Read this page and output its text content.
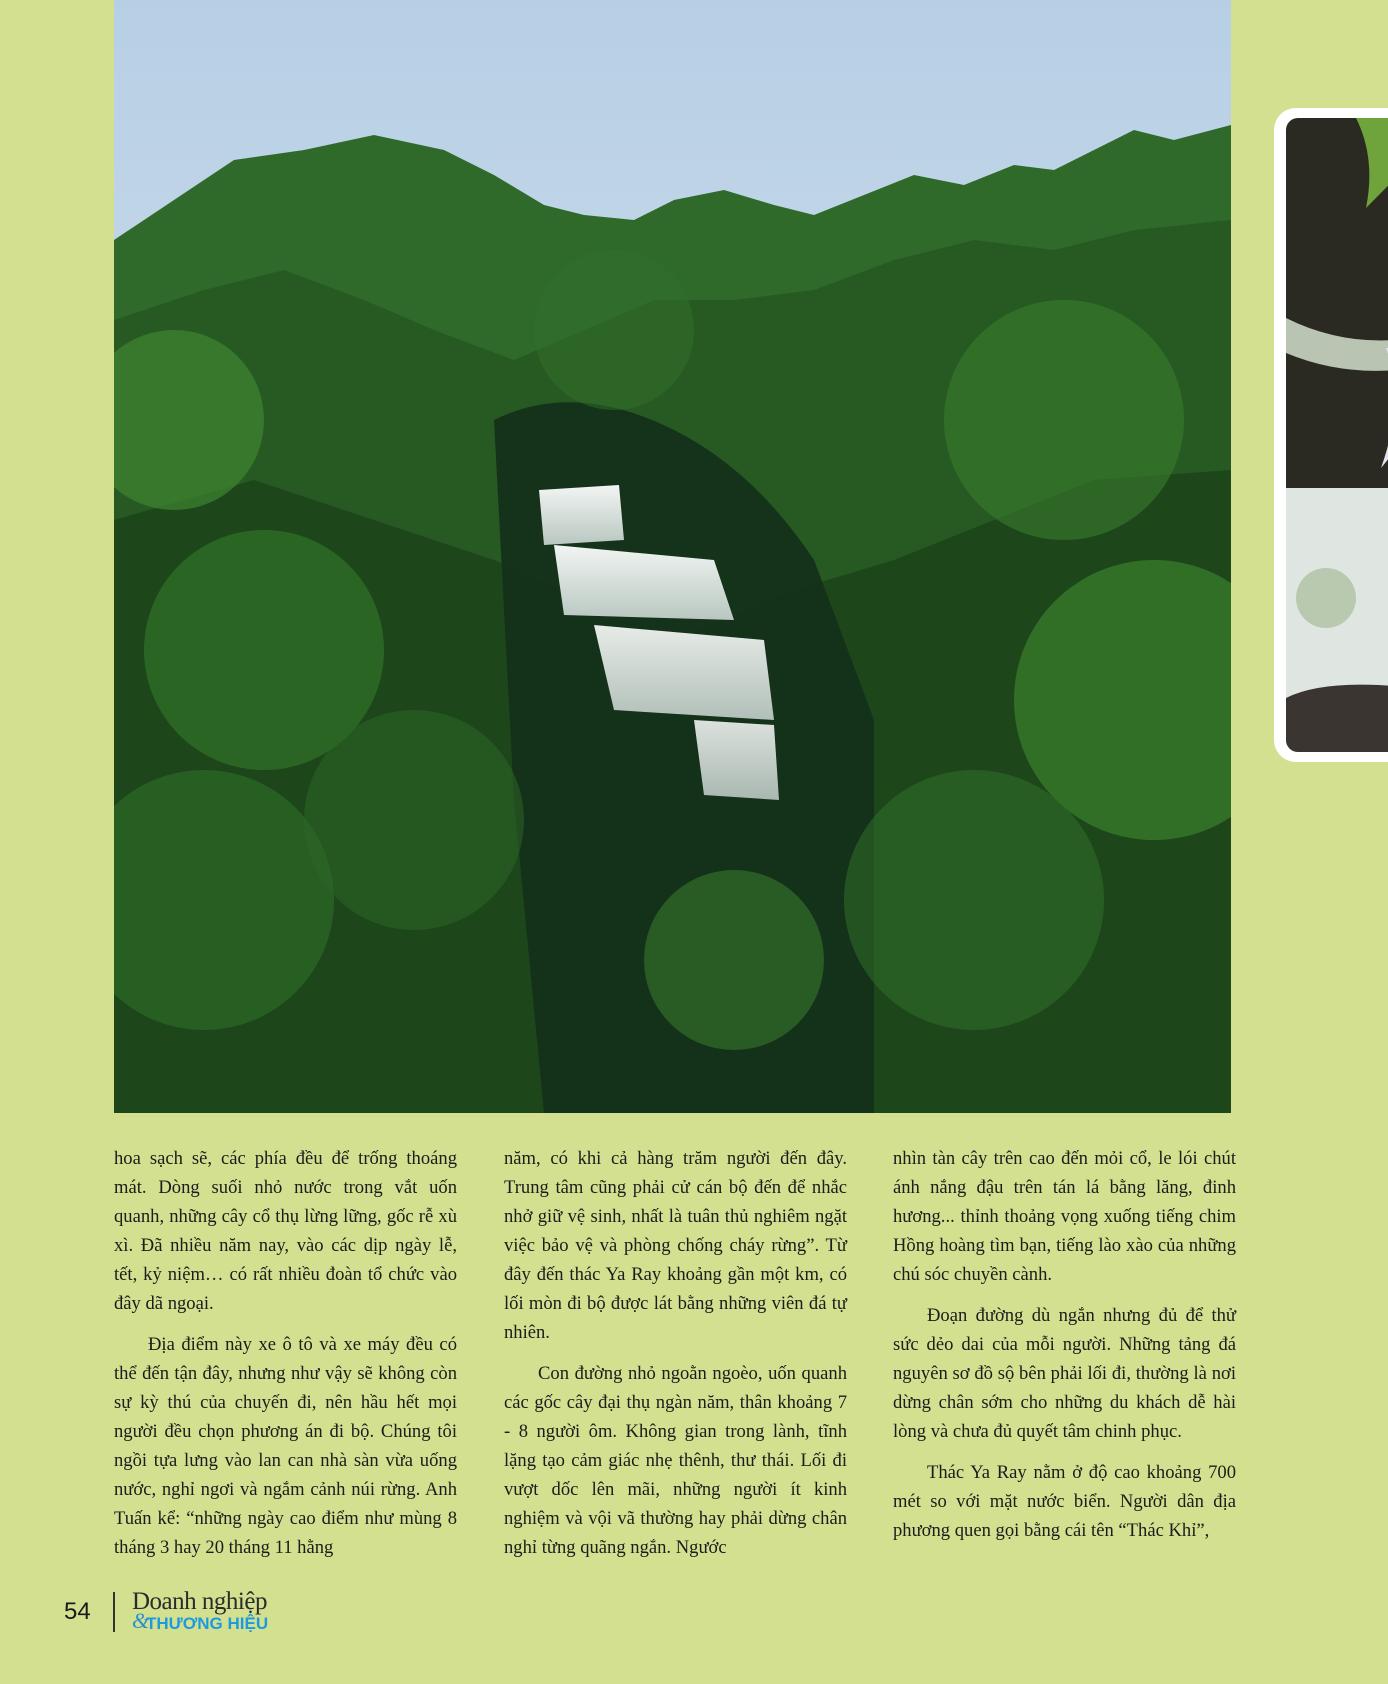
hoa sạch sẽ, các phía đều để trống thoáng mát. Dòng suối nhỏ nước trong vắt uốn quanh, những cây cổ thụ lừng lững, gốc rễ xù xì. Đã nhiều năm nay, vào các dịp ngày lễ, tết, kỷ niệm… có rất nhiều đoàn tổ chức vào đây dã ngoại.

Địa điểm này xe ô tô và xe máy đều có thể đến tận đây, nhưng như vậy sẽ không còn sự kỳ thú của chuyến đi, nên hầu hết mọi người đều chọn phương án đi bộ. Chúng tôi ngồi tựa lưng vào lan can nhà sàn vừa uống nước, nghỉ ngơi và ngắm cảnh núi rừng. Anh Tuấn kể: “những ngày cao điểm như mùng 8 tháng 3 hay 20 tháng 11 hằng

năm, có khi cả hàng trăm người đến đây. Trung tâm cũng phải cử cán bộ đến để nhắc nhở giữ vệ sinh, nhất là tuân thủ nghiêm ngặt việc bảo vệ và phòng chống cháy rừng”. Từ đây đến thác Ya Ray khoảng gần một km, có lối mòn đi bộ được lát bằng những viên đá tự nhiên.

Con đường nhỏ ngoằn ngoèo, uốn quanh các gốc cây đại thụ ngàn năm, thân khoảng 7 - 8 người ôm. Không gian trong lành, tĩnh lặng tạo cảm giác nhẹ thênh, thư thái. Lối đi vượt dốc lên mãi, những người ít kinh nghiệm và vội vã thường hay phải dừng chân nghỉ từng quãng ngắn. Ngước

nhìn tàn cây trên cao đến mỏi cổ, le lói chút ánh nắng đậu trên tán lá bằng lăng, đinh hương... thỉnh thoảng vọng xuống tiếng chim Hồng hoàng tìm bạn, tiếng lào xào của những chú sóc chuyền cành.

Đoạn đường dù ngắn nhưng đủ để thử sức dẻo dai của mỗi người. Những tảng đá nguyên sơ đồ sộ bên phải lối đi, thường là nơi dừng chân sớm cho những du khách dễ hài lòng và chưa đủ quyết tâm chinh phục.

Thác Ya Ray nằm ở độ cao khoảng 700 mét so với mặt nước biển. Người dân địa phương quen gọi bằng cái tên “Thác Khỉ”,

54 Doanh nghiệp
&
THƯƠNG HIỆU
